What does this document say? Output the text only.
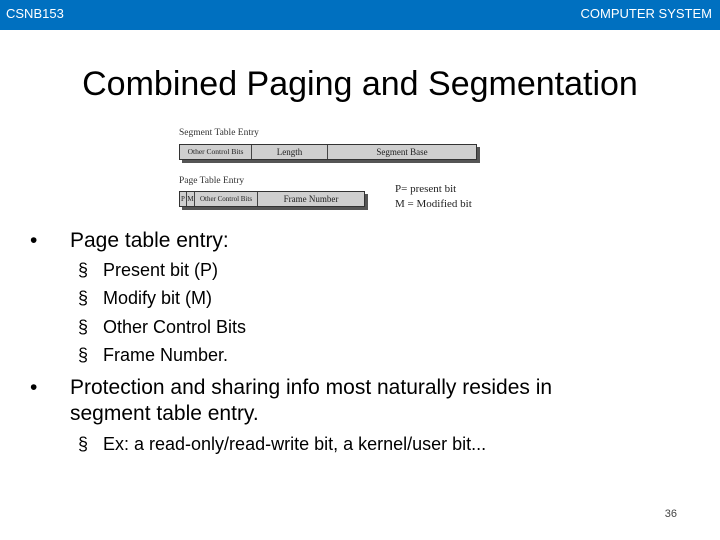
CSNB153	COMPUTER SYSTEM
Combined Paging and Segmentation
Segment Table Entry
Other Control Bits	Length	Segment Base
Page Table Entry
P M Other Control Bits	Frame Number
P= present bit
M = Modified bit
• Page table entry:
§ Present bit (P)
§ Modify bit (M)
§ Other Control Bits
§ Frame Number.
• Protection and sharing info most naturally resides in
segment table entry.
§ Ex: a read-only/read-write bit, a kernel/user bit...
36
